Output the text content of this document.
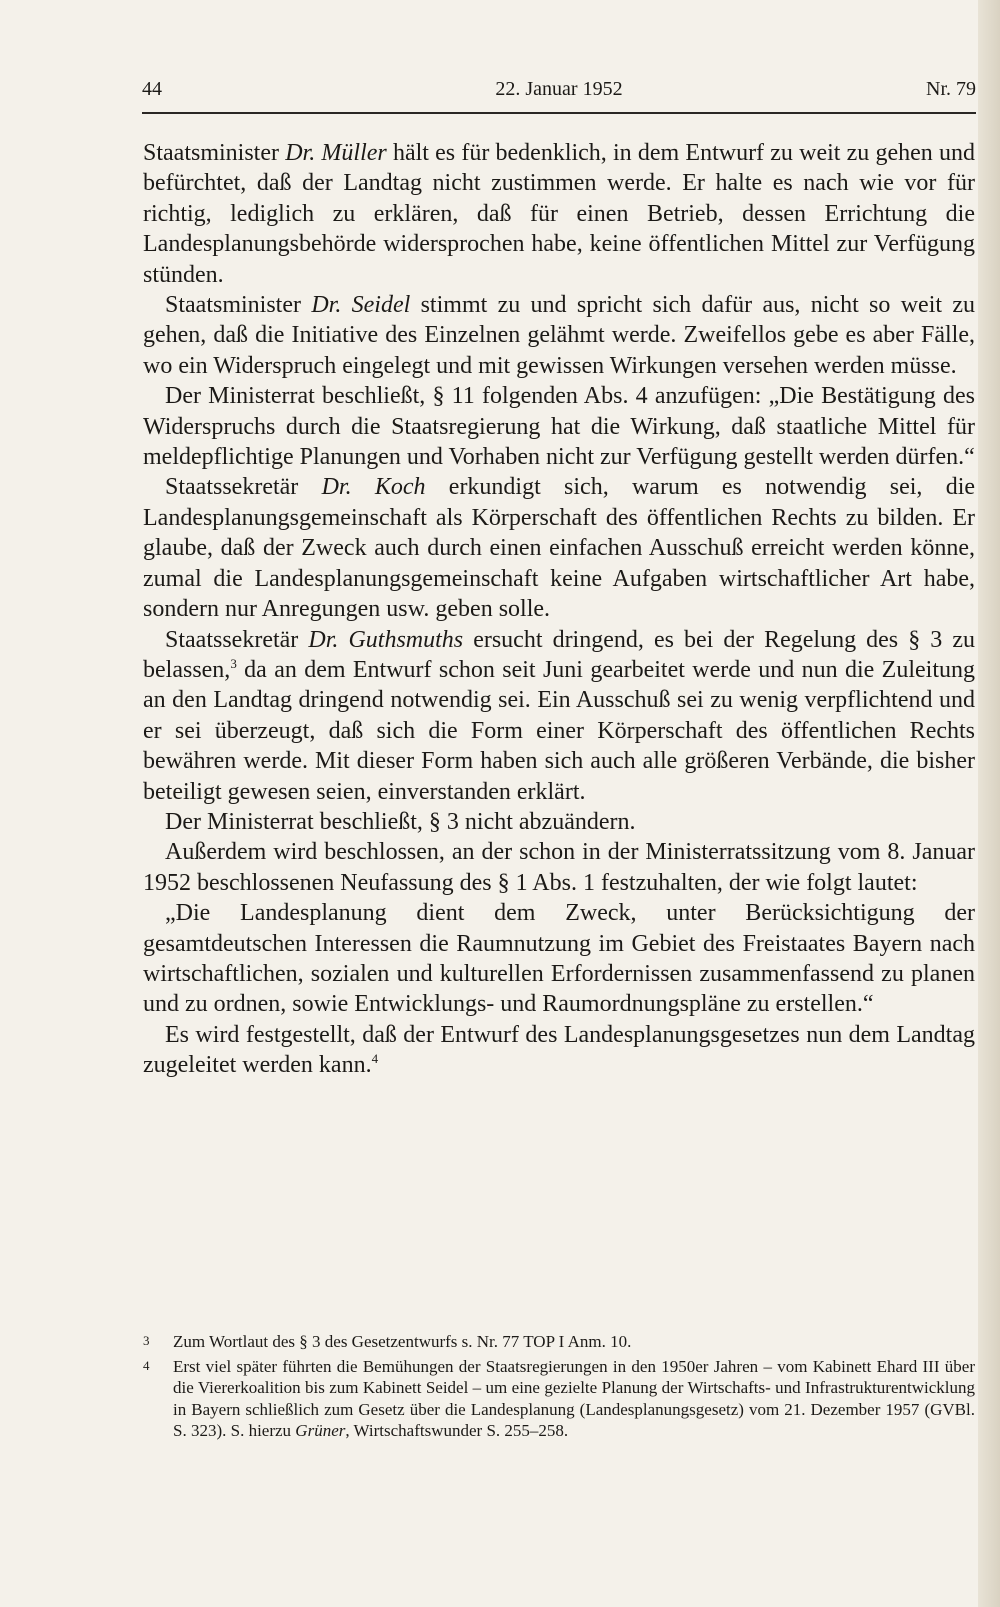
44	22. Januar 1952	Nr. 79

Staatsminister Dr. Müller hält es für bedenklich, in dem Entwurf zu weit zu gehen und befürchtet, daß der Landtag nicht zustimmen werde. Er halte es nach wie vor für richtig, lediglich zu erklären, daß für einen Betrieb, dessen Errichtung die Landesplanungsbehörde widersprochen habe, keine öffentlichen Mittel zur Verfügung stünden.

Staatsminister Dr. Seidel stimmt zu und spricht sich dafür aus, nicht so weit zu gehen, daß die Initiative des Einzelnen gelähmt werde. Zweifellos gebe es aber Fälle, wo ein Widerspruch eingelegt und mit gewissen Wirkungen versehen werden müsse.

Der Ministerrat beschließt, § 11 folgenden Abs. 4 anzufügen: „Die Bestätigung des Widerspruchs durch die Staatsregierung hat die Wirkung, daß staatliche Mittel für meldepflichtige Planungen und Vorhaben nicht zur Verfügung gestellt werden dürfen.“

Staatssekretär Dr. Koch erkundigt sich, warum es notwendig sei, die Landesplanungsgemeinschaft als Körperschaft des öffentlichen Rechts zu bilden. Er glaube, daß der Zweck auch durch einen einfachen Ausschuß erreicht werden könne, zumal die Landesplanungsgemeinschaft keine Aufgaben wirtschaftlicher Art habe, sondern nur Anregungen usw. geben solle.

Staatssekretär Dr. Guthsmuths ersucht dringend, es bei der Regelung des § 3 zu belassen,$^3$ da an dem Entwurf schon seit Juni gearbeitet werde und nun die Zuleitung an den Landtag dringend notwendig sei. Ein Ausschuß sei zu wenig verpflichtend und er sei überzeugt, daß sich die Form einer Körperschaft des öffentlichen Rechts bewähren werde. Mit dieser Form haben sich auch alle größeren Verbände, die bisher beteiligt gewesen seien, einverstanden erklärt.

Der Ministerrat beschließt, § 3 nicht abzuändern.

Außerdem wird beschlossen, an der schon in der Ministerratssitzung vom 8. Januar 1952 beschlossenen Neufassung des § 1 Abs. 1 festzuhalten, der wie folgt lautet:

„Die Landesplanung dient dem Zweck, unter Berücksichtigung der gesamtdeutschen Interessen die Raumnutzung im Gebiet des Freistaates Bayern nach wirtschaftlichen, sozialen und kulturellen Erfordernissen zusammenfassend zu planen und zu ordnen, sowie Entwicklungs- und Raumordnungspläne zu erstellen.“

Es wird festgestellt, daß der Entwurf des Landesplanungsgesetzes nun dem Landtag zugeleitet werden kann.$^4$

3 Zum Wortlaut des § 3 des Gesetzentwurfs s. Nr. 77 TOP I Anm. 10.

4 Erst viel später führten die Bemühungen der Staatsregierungen in den 1950er Jahren – vom Kabinett Ehard III über die Viererkoalition bis zum Kabinett Seidel – um eine gezielte Planung der Wirtschafts- und Infrastrukturentwicklung in Bayern schließlich zum Gesetz über die Landesplanung (Landesplanungsgesetz) vom 21. Dezember 1957 (GVBl. S. 323). S. hierzu Grüner, Wirtschaftswunder S. 255–258.
